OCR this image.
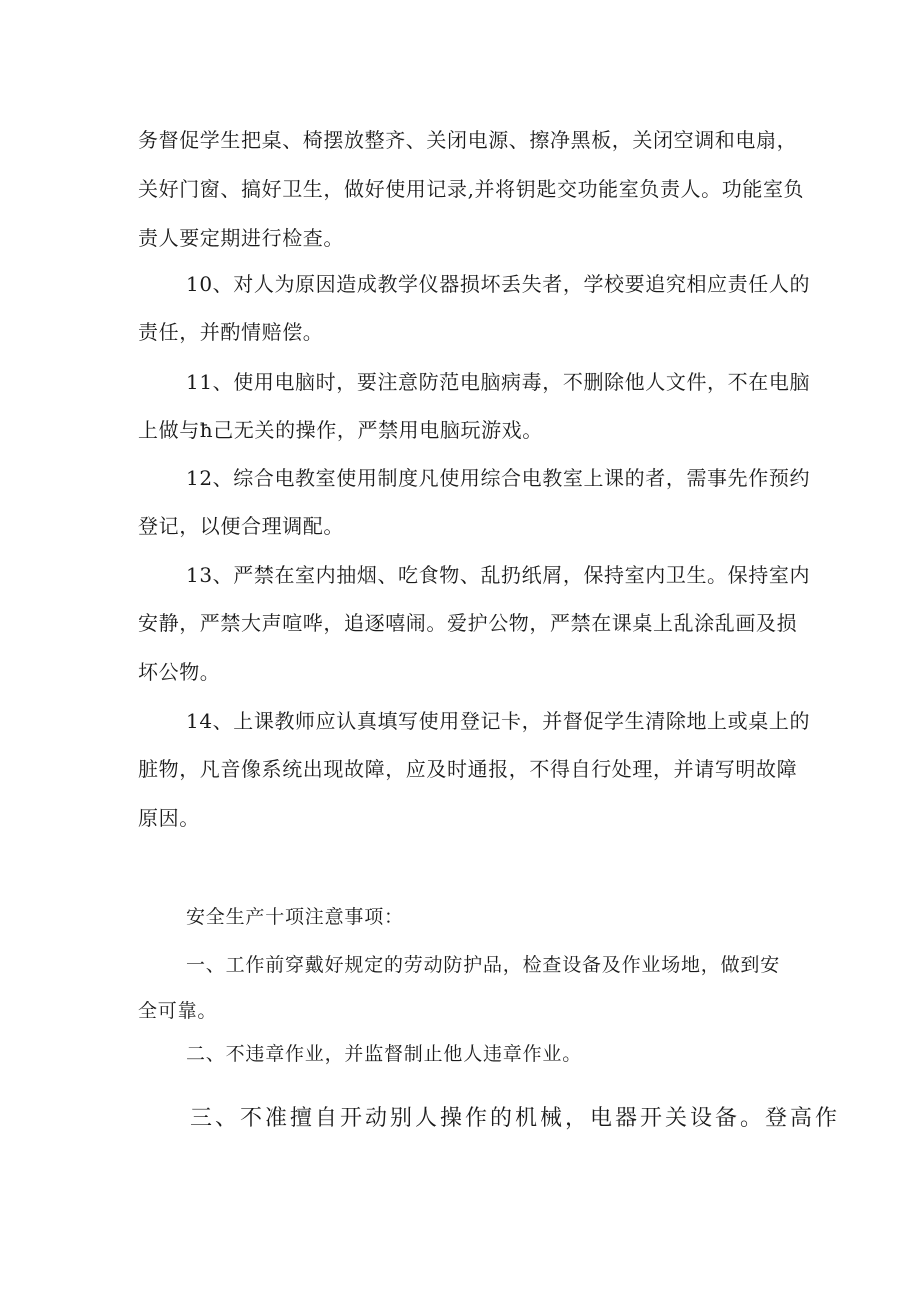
务督促学生把桌、椅摆放整齐、关闭电源、擦净黑板，关闭空调和电扇，
关好门窗、搞好卫生，做好使用记录,并将钥匙交功能室负责人。功能室负
责人要定期进行检查。
10、对人为原因造成教学仪器损坏丢失者，学校要追究相应责任人的
责任，并酌情赔偿。
11、使用电脑时，要注意防范电脑病毒，不删除他人文件，不在电脑
上做与ħ己无关的操作，严禁用电脑玩游戏。
12、综合电教室使用制度凡使用综合电教室上课的者，需事先作预约
登记，以便合理调配。
13、严禁在室内抽烟、吃食物、乱扔纸屑，保持室内卫生。保持室内
安静，严禁大声喧哗，追逐嘻闹。爱护公物，严禁在课桌上乱涂乱画及损
坏公物。
14、上课教师应认真填写使用登记卡，并督促学生清除地上或桌上的
脏物，凡音像系统出现故障，应及时通报，不得自行处理，并请写明故障
原因。
安全生产十项注意事项：
一、工作前穿戴好规定的劳动防护品，检查设备及作业场地，做到安
全可靠。
二、不违章作业，并监督制止他人违章作业。
三、不准擅自开动别人操作的机械，电器开关设备。登高作
